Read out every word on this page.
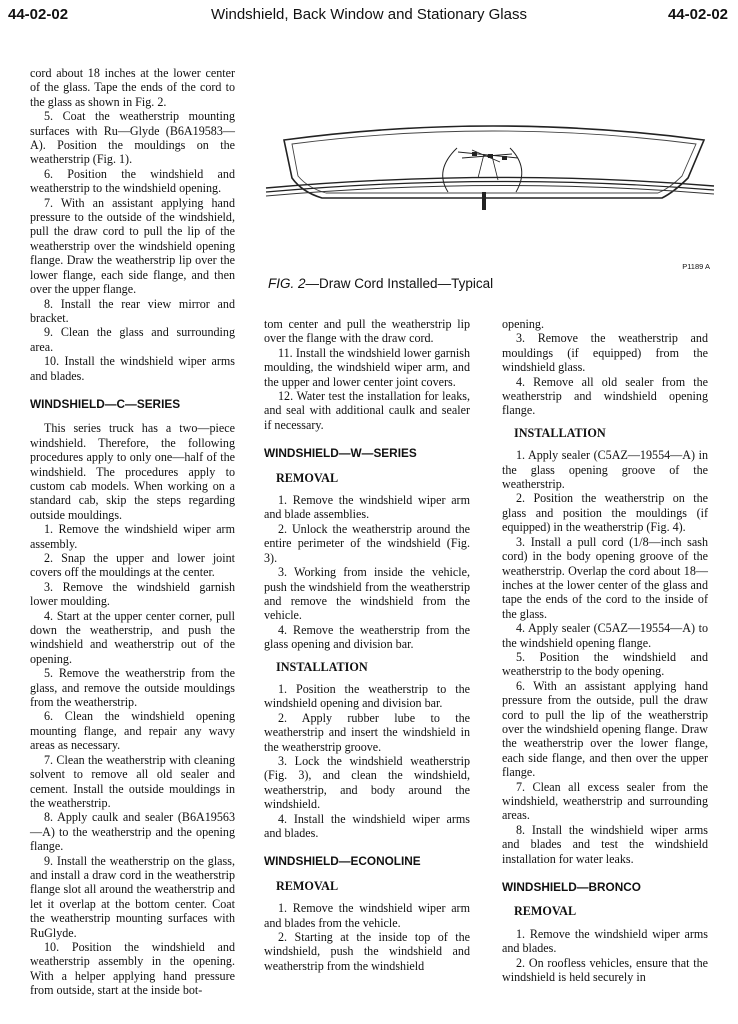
44-02-02	Windshield, Back Window and Stationary Glass	44-02-02

cord about 18 inches at the lower center of the glass. Tape the ends of the cord to the glass as shown in Fig. 2.

5. Coat the weatherstrip mounting surfaces with Ru—Glyde (B6A19583—A). Position the mouldings on the weatherstrip (Fig. 1).

6. Position the windshield and weatherstrip to the windshield opening.

7. With an assistant applying hand pressure to the outside of the windshield, pull the draw cord to pull the lip of the weatherstrip over the windshield opening flange. Draw the weatherstrip lip over the lower flange, each side flange, and then over the upper flange.

8. Install the rear view mirror and bracket.

9. Clean the glass and surrounding area.

10. Install the windshield wiper arms and blades.

WINDSHIELD—C—SERIES

This series truck has a two—piece windshield. Therefore, the following procedures apply to only one—half of the windshield. The procedures apply to custom cab models. When working on a standard cab, skip the steps regarding outside mouldings.

1. Remove the windshield wiper arm assembly.

2. Snap the upper and lower joint covers off the mouldings at the center.

3. Remove the windshield garnish lower moulding.

4. Start at the upper center corner, pull down the weatherstrip, and push the windshield and weatherstrip out of the opening.

5. Remove the weatherstrip from the glass, and remove the outside mouldings from the weatherstrip.

6. Clean the windshield opening mounting flange, and repair any wavy areas as necessary.

7. Clean the weatherstrip with cleaning solvent to remove all old sealer and cement. Install the outside mouldings in the weatherstrip.

8. Apply caulk and sealer (B6A19563—A) to the weatherstrip and the opening flange.

9. Install the weatherstrip on the glass, and install a draw cord in the weatherstrip flange slot all around the weatherstrip and let it overlap at the bottom center. Coat the weatherstrip mounting surfaces with RuGlyde.

10. Position the windshield and weatherstrip assembly in the opening. With a helper applying hand pressure from outside, start at the inside bot-

P1189 A
FIG. 2—Draw Cord Installed—Typical

tom center and pull the weatherstrip lip over the flange with the draw cord.

11. Install the windshield lower garnish moulding, the windshield wiper arm, and the upper and lower center joint covers.

12. Water test the installation for leaks, and seal with additional caulk and sealer if necessary.

WINDSHIELD—W—SERIES
REMOVAL

1. Remove the windshield wiper arm and blade assemblies.

2. Unlock the weatherstrip around the entire perimeter of the windshield (Fig. 3).

3. Working from inside the vehicle, push the windshield from the weatherstrip and remove the windshield from the vehicle.

4. Remove the weatherstrip from the glass opening and division bar.

INSTALLATION

1. Position the weatherstrip to the windshield opening and division bar.

2. Apply rubber lube to the weatherstrip and insert the windshield in the weatherstrip groove.

3. Lock the windshield weatherstrip (Fig. 3), and clean the windshield, weatherstrip, and body around the windshield.

4. Install the windshield wiper arms and blades.

WINDSHIELD—ECONOLINE
REMOVAL

1. Remove the windshield wiper arm and blades from the vehicle.

2. Starting at the inside top of the windshield, push the windshield and weatherstrip from the windshield

opening.

3. Remove the weatherstrip and mouldings (if equipped) from the windshield glass.

4. Remove all old sealer from the weatherstrip and windshield opening flange.

INSTALLATION

1. Apply sealer (C5AZ—19554—A) in the glass opening groove of the weatherstrip.

2. Position the weatherstrip on the glass and position the mouldings (if equipped) in the weatherstrip (Fig. 4).

3. Install a pull cord (1/8—inch sash cord) in the body opening groove of the weatherstrip. Overlap the cord about 18—inches at the lower center of the glass and tape the ends of the cord to the inside of the glass.

4. Apply sealer (C5AZ—19554—A) to the windshield opening flange.

5. Position the windshield and weatherstrip to the body opening.

6. With an assistant applying hand pressure from the outside, pull the draw cord to pull the lip of the weatherstrip over the windshield opening flange. Draw the weatherstrip over the lower flange, each side flange, and then over the upper flange.

7. Clean all excess sealer from the windshield, weatherstrip and surrounding areas.

8. Install the windshield wiper arms and blades and test the windshield installation for water leaks.

WINDSHIELD—BRONCO
REMOVAL

1. Remove the windshield wiper arms and blades.

2. On roofless vehicles, ensure that the windshield is held securely in
